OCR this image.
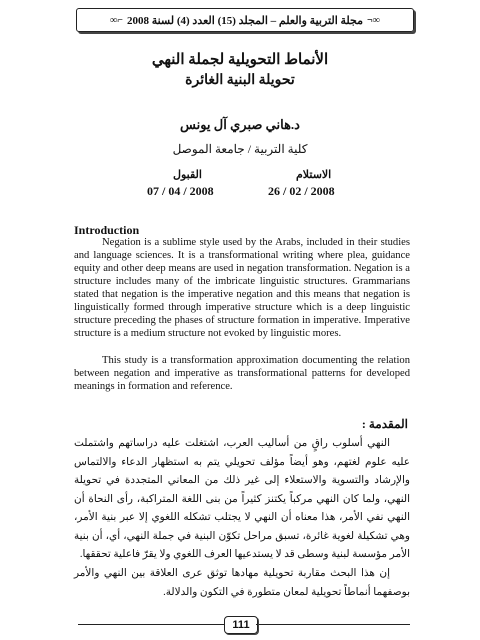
∞¬
مجلة التربية والعلم – المجلد (15) العدد (4) لسنة 2008
⌐∞
الأنماط التحويلية لجملة النهي
تحويلة البنية الغائرة
د.هاني صبري آل يونس
كلية التربية / جامعة الموصل
الاستلام
26 / 02 / 2008
القبول
07 / 04 / 2008
Introduction

Negation is a sublime style used by the Arabs, included in their studies and language sciences. It is a transformational writing where plea, guidance equity and other deep means are used in negation transformation. Negation is a structure includes many of the imbricate linguistic structures. Grammarians stated that negation is the imperative negation and this means that negation is linguistically formed through imperative structure which is a deep linguistic structure preceding the phases of structure formation in imperative. Imperative structure is a medium structure not evoked by linguistic mores.

This study is a transformation approximation documenting the relation between negation and imperative as transformational patterns for developed meanings in formation and reference.

المقدمة :

النهي أسلوب راقٍ من أساليب العرب، اشتغلت عليه دراساتهم واشتملت عليه علوم لغتهم، وهو أيضاً مؤلف تحويلي يتم به استظهار الدعاء والالتماس والإرشاد والتسوية والاستعلاء إلى غير ذلك من المعاني المتجددة في تحويلة النهي، ولما كان النهي مركباً يكتنز كثيراً من بنى اللغة المتراكبة، رأى النحاة أن النهي نفي الأمر، هذا معناه أن النهي لا يجتلب تشكله اللغوي إلا عبر بنية الأمر، وهي تشكيلة لغوية غائرة، تسبق مراحل تكوّن البنية في جملة النهي، أي، أن بنية الأمر مؤسسة لبنية وسطى قد لا يستدعيها العرف اللغوي ولا يقرّ فاعلية تحققها.

إن هذا البحث مقاربة تحويلية مهادها توثق عرى العلاقة بين النهي والأمر بوصفهما أنماطاً تحويلية لمعان متطورة في التكون والدلالة.

111
